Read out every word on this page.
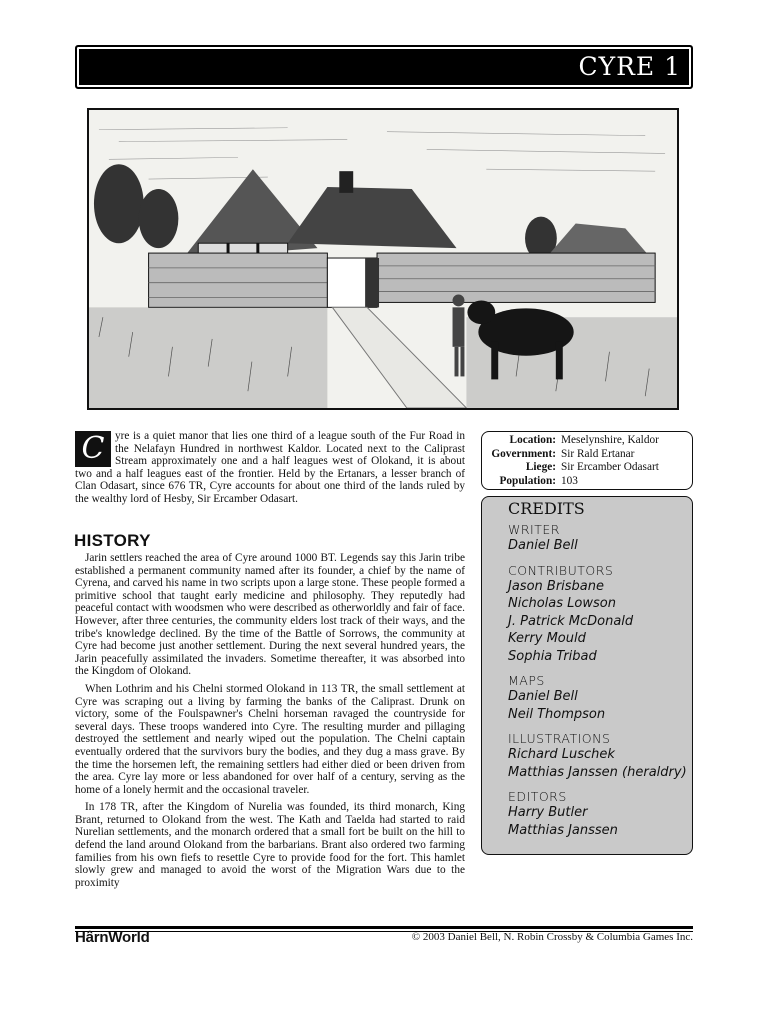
CYRE 1
C yre is a quiet manor that lies one third of a league south of the Fur Road in the Nelafayn Hundred in northwest Kaldor. Located next to the Caliprast Stream approximately one and a half leagues west of Olokand, it is about two and a half leagues east of the frontier. Held by the Ertanars, a lesser branch of Clan Odasart, since 676 TR, Cyre accounts for about one third of the lands ruled by the wealthy lord of Hesby, Sir Ercamber Odasart.
HISTORY

Jarin settlers reached the area of Cyre around 1000 BT. Legends say this Jarin tribe established a permanent community named after its founder, a chief by the name of Cyrena, and carved his name in two scripts upon a large stone. These people formed a primitive school that taught early medicine and philosophy. They reputedly had peaceful contact with woodsmen who were described as otherworldly and fair of face. However, after three centuries, the community elders lost track of their ways, and the tribe's knowledge declined. By the time of the Battle of Sorrows, the community at Cyre had become just another settlement. During the next several hundred years, the Jarin peacefully assimilated the invaders. Sometime thereafter, it was absorbed into the Kingdom of Olokand.

When Lothrim and his Chelni stormed Olokand in 113 TR, the small settlement at Cyre was scraping out a living by farming the banks of the Caliprast. Drunk on victory, some of the Foulspawner's Chelni horseman ravaged the countryside for several days. These troops wandered into Cyre. The resulting murder and pillaging destroyed the settlement and nearly wiped out the population. The Chelni captain eventually ordered that the survivors bury the bodies, and they dug a mass grave. By the time the horsemen left, the remaining settlers had either died or been driven from the area. Cyre lay more or less abandoned for over half of a century, serving as the home of a lonely hermit and the occasional traveler.

In 178 TR, after the Kingdom of Nurelia was founded, its third monarch, King Brant, returned to Olokand from the west. The Kath and Taelda had started to raid Nurelian settlements, and the monarch ordered that a small fort be built on the hill to defend the land around Olokand from the barbarians. Brant also ordered two farming families from his own fiefs to resettle Cyre to provide food for the fort. This hamlet slowly grew and managed to avoid the worst of the Migration Wars due to the proximity

Location: Meselynshire, Kaldor
Government: Sir Rald Ertanar
Liege: Sir Ercamber Odasart
Population: 103
CREDITS
WRITER
Daniel Bell
CONTRIBUTORS
Jason Brisbane
Nicholas Lowson
J. Patrick McDonald
Kerry Mould
Sophia Tribad
MAPS
Daniel Bell
Neil Thompson
ILLUSTRATIONS
Richard Luschek
Matthias Janssen (heraldry)
EDITORS
Harry Butler
Matthias Janssen
HârnWorld	© 2003 Daniel Bell, N. Robin Crossby & Columbia Games Inc.
